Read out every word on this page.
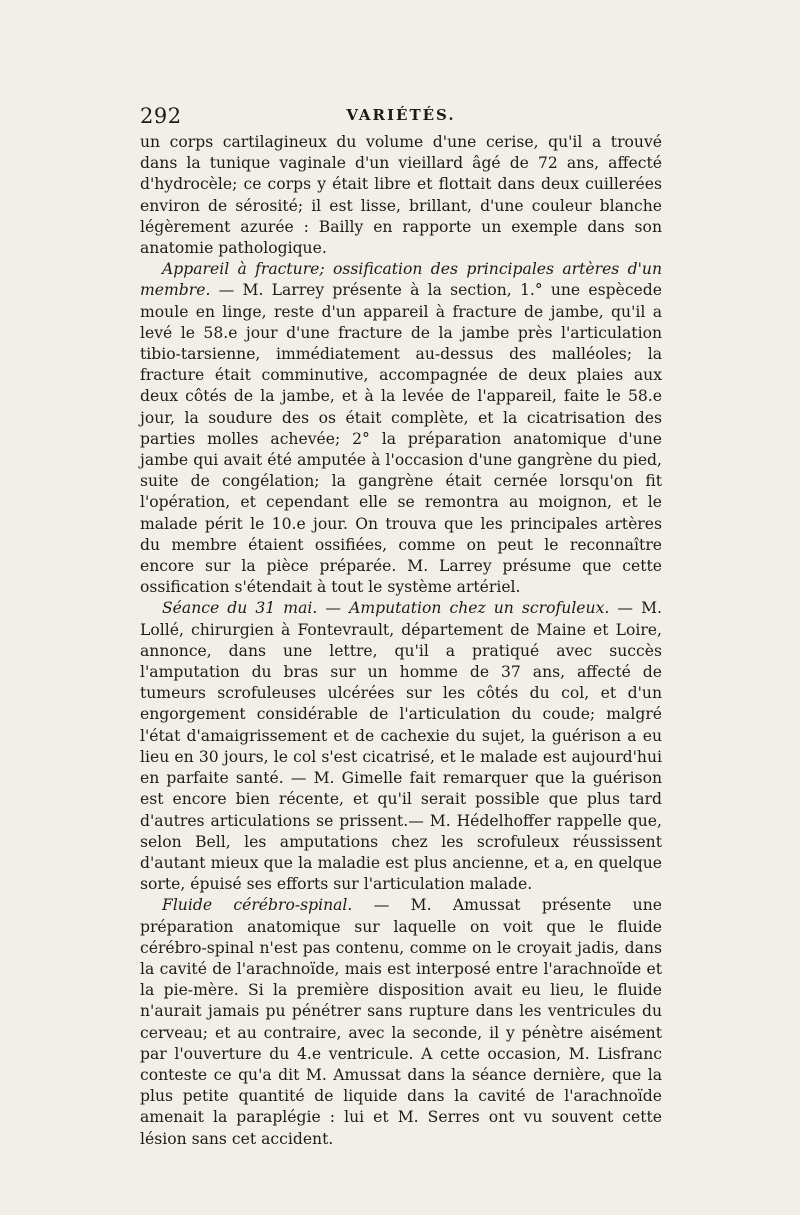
292	VARIÉTÉS.

un corps cartilagineux du volume d'une cerise, qu'il a trouvé dans la tunique vaginale d'un vieillard âgé de 72 ans, affecté d'hydrocèle; ce corps y était libre et flottait dans deux cuillerées environ de sérosité; il est lisse, brillant, d'une couleur blanche légèrement azurée : Bailly en rapporte un exemple dans son anatomie pathologique.

Appareil à fracture; ossification des principales artères d'un membre. — M. Larrey présente à la section, 1.° une espècede moule en linge, reste d'un appareil à fracture de jambe, qu'il a levé le 58.e jour d'une fracture de la jambe près l'articulation tibio-tarsienne, immédiatement au-dessus des malléoles; la fracture était comminutive, accompagnée de deux plaies aux deux côtés de la jambe, et à la levée de l'appareil, faite le 58.e jour, la soudure des os était complète, et la cicatrisation des parties molles achevée; 2° la préparation anatomique d'une jambe qui avait été amputée à l'occasion d'une gangrène du pied, suite de congélation; la gangrène était cernée lorsqu'on fit l'opération, et cependant elle se remontra au moignon, et le malade périt le 10.e jour. On trouva que les principales artères du membre étaient ossifiées, comme on peut le reconnaître encore sur la pièce préparée. M. Larrey présume que cette ossification s'étendait à tout le système artériel.

Séance du 31 mai. — Amputation chez un scrofuleux. — M. Lollé, chirurgien à Fontevrault, département de Maine et Loire, annonce, dans une lettre, qu'il a pratiqué avec succès l'amputation du bras sur un homme de 37 ans, affecté de tumeurs scrofuleuses ulcérées sur les côtés du col, et d'un engorgement considérable de l'articulation du coude; malgré l'état d'amaigrissement et de cachexie du sujet, la guérison a eu lieu en 30 jours, le col s'est cicatrisé, et le malade est aujourd'hui en parfaite santé. — M. Gimelle fait remarquer que la guérison est encore bien récente, et qu'il serait possible que plus tard d'autres articulations se prissent.— M. Hédelhoffer rappelle que, selon Bell, les amputations chez les scrofuleux réussissent d'autant mieux que la maladie est plus ancienne, et a, en quelque sorte, épuisé ses efforts sur l'articulation malade.

Fluide cérébro-spinal. — M. Amussat présente une préparation anatomique sur laquelle on voit que le fluide cérébro-spinal n'est pas contenu, comme on le croyait jadis, dans la cavité de l'arachnoïde, mais est interposé entre l'arachnoïde et la pie-mère. Si la première disposition avait eu lieu, le fluide n'aurait jamais pu pénétrer sans rupture dans les ventricules du cerveau; et au contraire, avec la seconde, il y pénètre aisément par l'ouverture du 4.e ventricule. A cette occasion, M. Lisfranc conteste ce qu'a dit M. Amussat dans la séance dernière, que la plus petite quantité de liquide dans la cavité de l'arachnoïde amenait la paraplégie : lui et M. Serres ont vu souvent cette lésion sans cet accident.
